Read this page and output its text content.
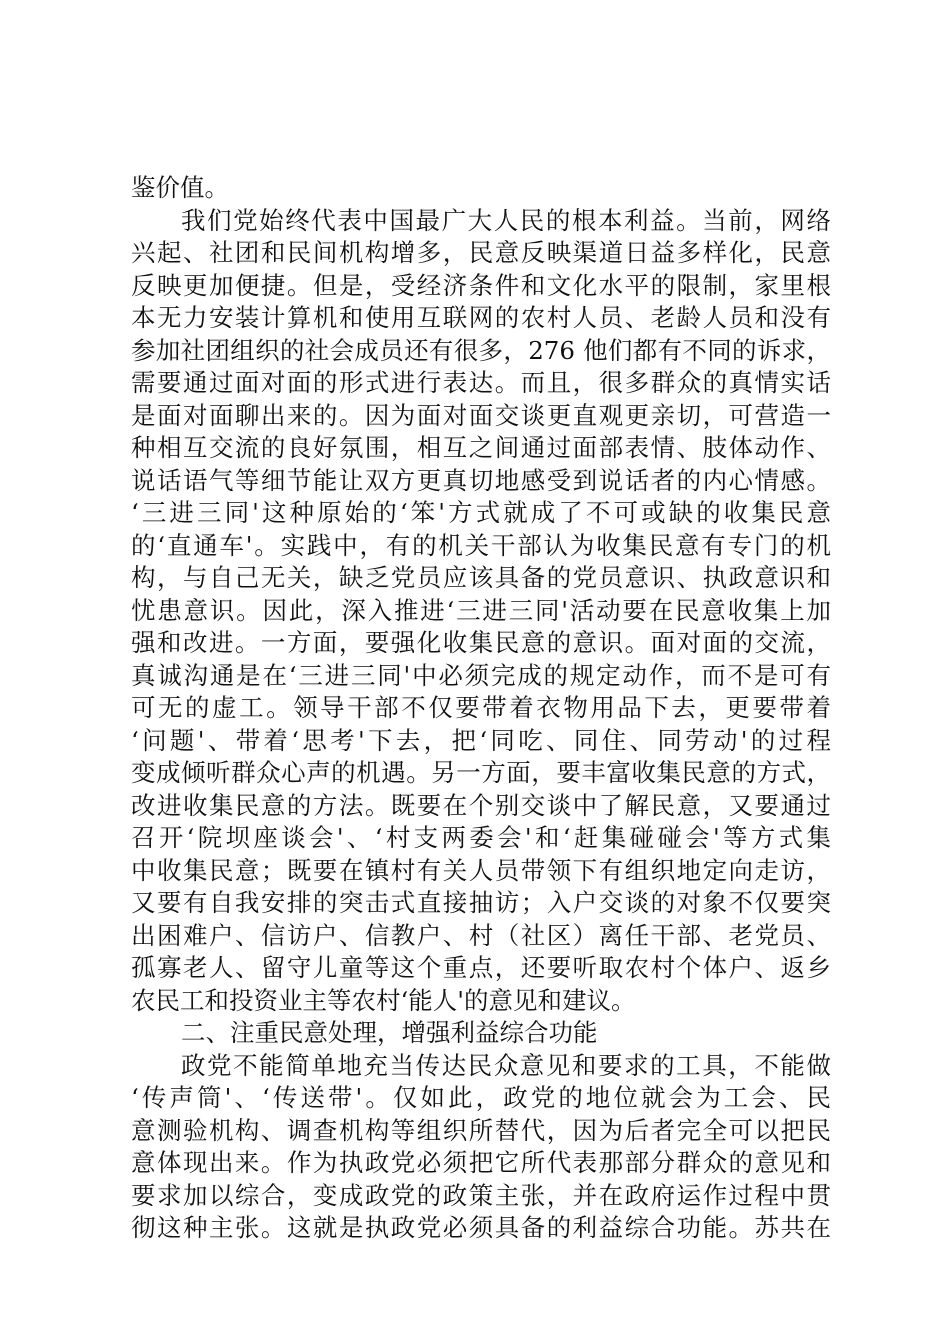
鉴价值。
我们党始终代表中国最广大人民的根本利益。当前，网络
兴起、社团和民间机构增多，民意反映渠道日益多样化，民意
反映更加便捷。但是，受经济条件和文化水平的限制，家里根
本无力安装计算机和使用互联网的农村人员、老龄人员和没有
参加社团组织的社会成员还有很多，276 他们都有不同的诉求，
需要通过面对面的形式进行表达。而且，很多群众的真情实话
是面对面聊出来的。因为面对面交谈更直观更亲切，可营造一
种相互交流的良好氛围，相互之间通过面部表情、肢体动作、
说话语气等细节能让双方更真切地感受到说话者的内心情感。
‘三进三同'这种原始的‘笨'方式就成了不可或缺的收集民意
的‘直通车'。实践中，有的机关干部认为收集民意有专门的机
构，与自己无关，缺乏党员应该具备的党员意识、执政意识和
忧患意识。因此，深入推进‘三进三同'活动要在民意收集上加
强和改进。一方面，要强化收集民意的意识。面对面的交流，
真诚沟通是在‘三进三同'中必须完成的规定动作，而不是可有
可无的虚工。领导干部不仅要带着衣物用品下去，更要带着
‘问题'、带着‘思考'下去，把‘同吃、同住、同劳动'的过程
变成倾听群众心声的机遇。另一方面，要丰富收集民意的方式，
改进收集民意的方法。既要在个别交谈中了解民意，又要通过
召开‘院坝座谈会'、‘村支两委会'和‘赶集碰碰会'等方式集
中收集民意；既要在镇村有关人员带领下有组织地定向走访，
又要有自我安排的突击式直接抽访；入户交谈的对象不仅要突
出困难户、信访户、信教户、村（社区）离任干部、老党员、
孤寡老人、留守儿童等这个重点，还要听取农村个体户、返乡
农民工和投资业主等农村‘能人'的意见和建议。
二、注重民意处理，增强利益综合功能
政党不能简单地充当传达民众意见和要求的工具，不能做
‘传声筒'、‘传送带'。仅如此，政党的地位就会为工会、民
意测验机构、调查机构等组织所替代，因为后者完全可以把民
意体现出来。作为执政党必须把它所代表那部分群众的意见和
要求加以综合，变成政党的政策主张，并在政府运作过程中贯
彻这种主张。这就是执政党必须具备的利益综合功能。苏共在
